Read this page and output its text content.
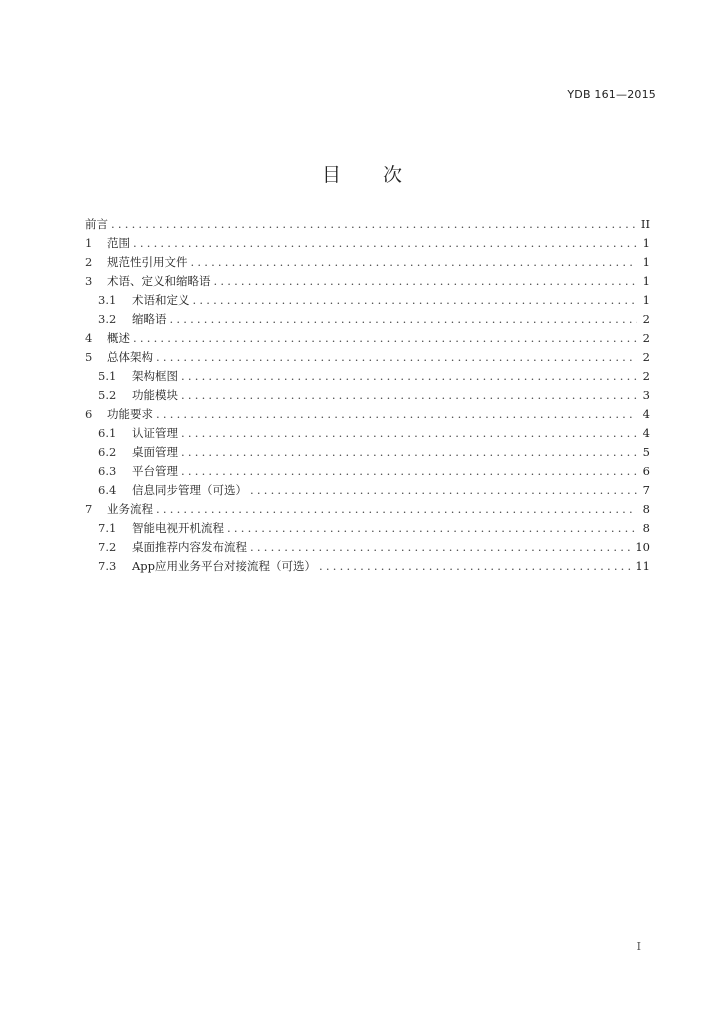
YDB 161—2015
目次
前言 .....	II
1	范围 .....	1
2	规范性引用文件 .....	1
3	术语、定义和缩略语 .....	1
3.1	术语和定义 .....	1
3.2	缩略语 .....	2
4	概述 .....	2
5	总体架构 .....	2
5.1	架构框图 .....	2
5.2	功能模块 .....	3
6	功能要求 .....	4
6.1	认证管理 .....	4
6.2	桌面管理 .....	5
6.3	平台管理 .....	6
6.4	信息同步管理（可选） .....	7
7	业务流程 .....	8
7.1	智能电视开机流程 .....	8
7.2	桌面推荐内容发布流程 .....	10
7.3	App应用业务平台对接流程（可选） .....	11
I
